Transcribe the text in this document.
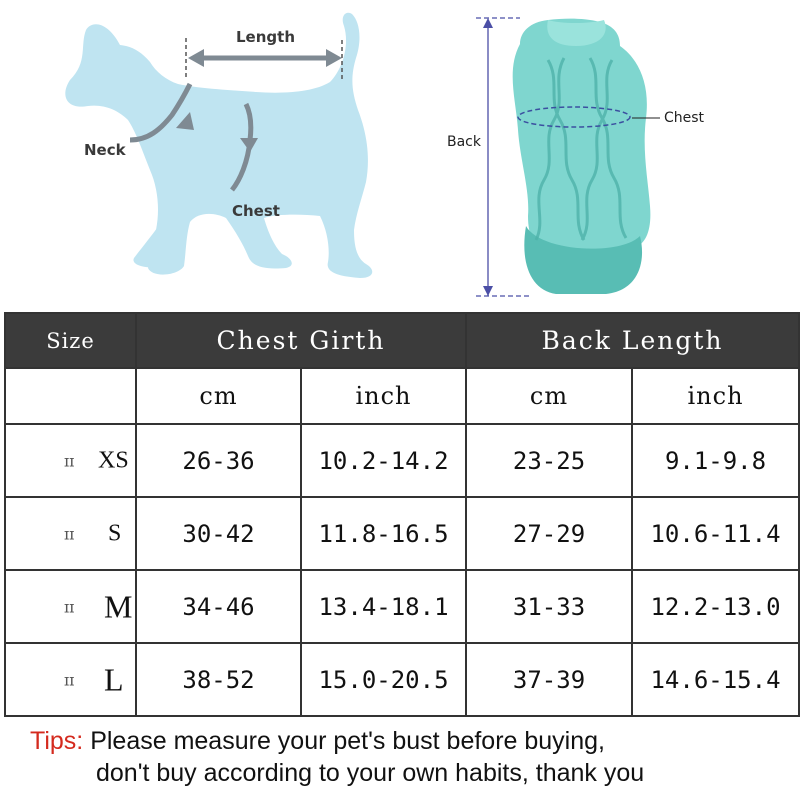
Length
Neck
Chest
Back
Chest
Size	Chest Girth		Back Length	
	cm	inch	cm	inch

ɪɪ XS	26-36	10.2-14.2	23-25	9.1-9.8

ɪɪ S	30-42	11.8-16.5	27-29	10.6-11.4

ɪɪ M	34-46	13.4-18.1	31-33	12.2-13.0

ɪɪ L	38-52	15.0-20.5	37-39	14.6-15.4
Tips: Please measure your pet's bust before buying,
don't buy according to your own habits, thank you
